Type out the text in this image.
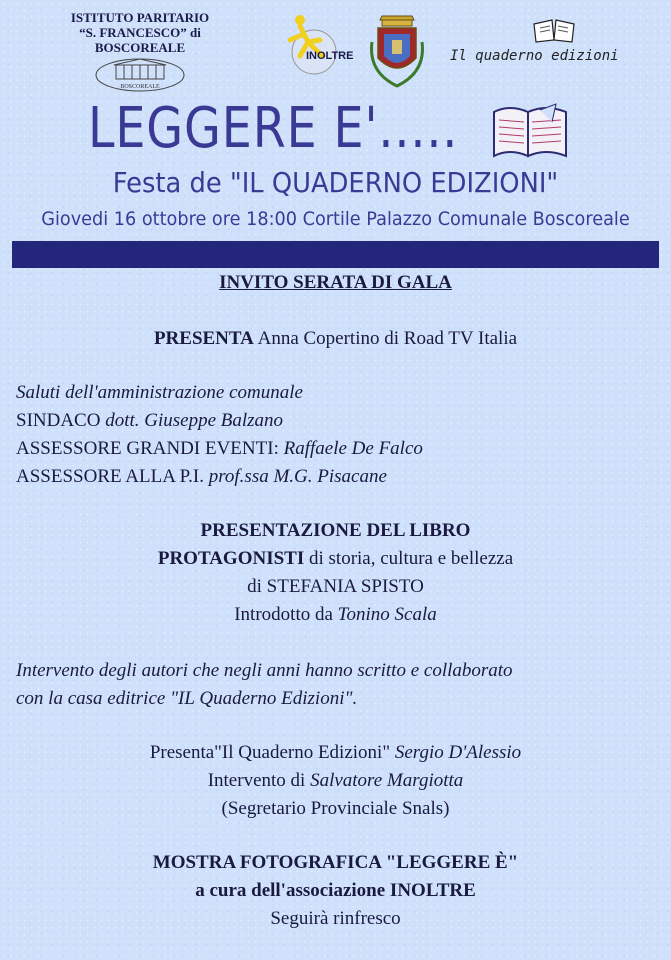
ISTITUTO PARITARIO
“S. FRANCESCO” di BOSCOREALE
BOSCOREALE
INOLTRE	Il quaderno edizioni
LEGGERE E'.....
Festa de "IL QUADERNO EDIZIONI"
Giovedi 16 ottobre ore 18:00 Cortile Palazzo Comunale Boscoreale
INVITO SERATA DI GALA
PRESENTA Anna Copertino di Road TV Italia
Saluti dell'amministrazione comunale
SINDACO dott. Giuseppe Balzano
ASSESSORE GRANDI EVENTI: Raffaele De Falco
ASSESSORE ALLA P.I. prof.ssa M.G. Pisacane
PRESENTAZIONE DEL LIBRO
PROTAGONISTI di storia, cultura e bellezza
di STEFANIA SPISTO
Introdotto da Tonino Scala
Intervento degli autori che negli anni hanno scritto e collaborato
con la casa editrice "IL Quaderno Edizioni".
Presenta"Il Quaderno Edizioni" Sergio D'Alessio
Intervento di Salvatore Margiotta
(Segretario Provinciale Snals)
MOSTRA FOTOGRAFICA "LEGGERE È"
a cura dell'associazione INOLTRE
Seguirà rinfresco
